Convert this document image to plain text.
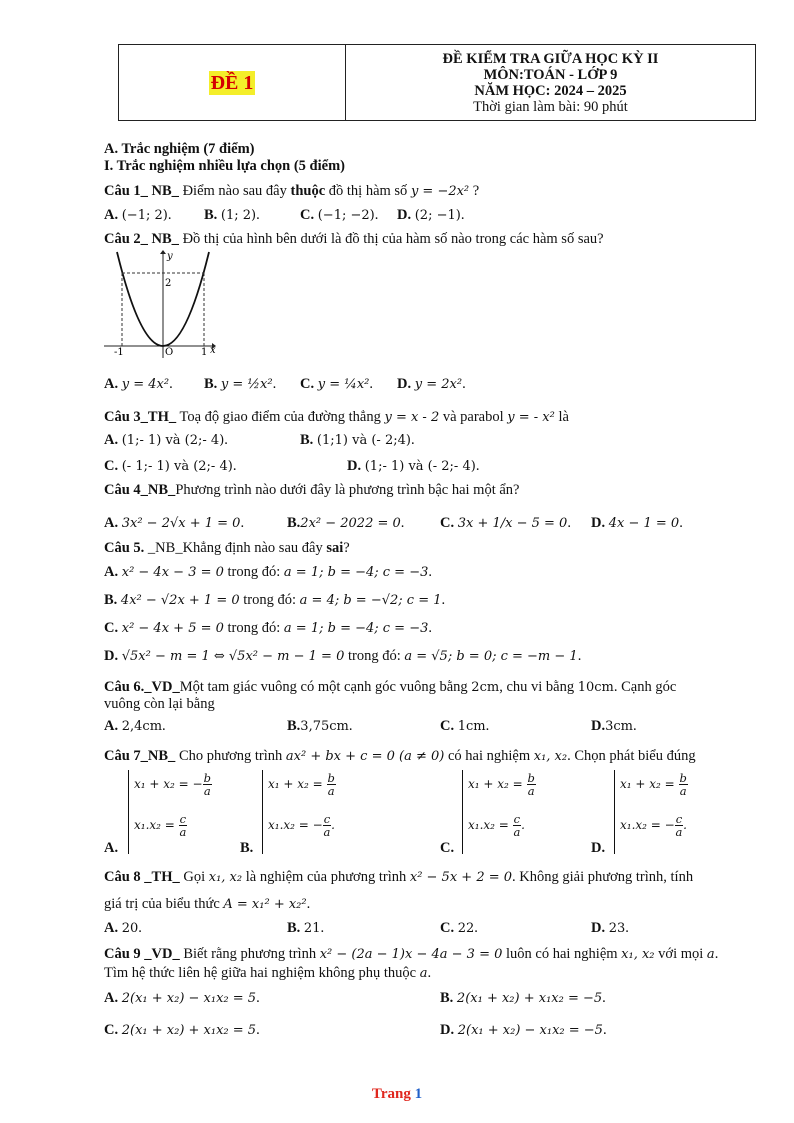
ĐỀ 1	
ĐỀ KIỂM TRA GIỮA HỌC KỲ II
MÔN:TOÁN - LỚP 9
NĂM HỌC: 2024 – 2025
Thời gian làm bài: 90 phút
A. Trắc nghiệm (7 điểm)
I. Trắc nghiệm nhiều lựa chọn (5 điểm)
Câu 1_ NB_ Điểm nào sau đây thuộc đồ thị hàm số y = −2x² ?
A. (−1; 2). B. (1; 2).	C. (−1; −2). D. (2; −1).
Câu 2_ NB_ Đồ thị của hình bên dưới là đồ thị của hàm số nào trong các hàm số sau?
y
2
-1	O	1 x
A. y = 4x². B. y = ½x². C. y = ¼x². D. y = 2x².
Câu 3_TH_ Toạ độ giao điểm của đường thẳng y = x - 2 và parabol y = - x² là
A. (1;- 1) và (2;- 4).	B. (1;1) và (- 2;4).
C. (- 1;- 1) và (2;- 4).	D. (1;- 1) và (- 2;- 4).
Câu 4_NB_Phương trình nào dưới đây là phương trình bậc hai một ẩn?
A. 3x² − 2√x + 1 = 0.	B.2x² − 2022 = 0. C. 3x + 1/x − 5 = 0. D. 4x − 1 = 0.
Câu 5. _NB_Khẳng định nào sau đây sai?
A. x² − 4x − 3 = 0 trong đó: a = 1; b = −4; c = −3.
B. 4x² − √2x + 1 = 0 trong đó: a = 4; b = −√2; c = 1.
C. x² − 4x + 5 = 0 trong đó: a = 1; b = −4; c = −3.
D. √5x² − m = 1 ⇔ √5x² − m − 1 = 0 trong đó: a = √5; b = 0; c = −m − 1.
Câu 6._VD_Một tam giác vuông có một cạnh góc vuông bằng 2cm, chu vi bằng 10cm. Cạnh góc
vuông còn lại bằng
A. 2,4cm.	B.3,75cm.	C. 1cm.	D.3cm.
Câu 7_NB_ Cho phương trình ax² + bx + c = 0 (a ≠ 0) có hai nghiệm x₁, x₂. Chọn phát biểu đúng
A.
x₁ + x₂ = − $\frac{b}{a}$
$x_1.x_2 = \frac{c}{a}$
B.
$x_1 + x_2 = \frac{b}{a}$
x₁.x₂ = − $\frac{c}{a}$ .
C.
$x_1 + x_2 = \frac{b}{a}$
$x_1.x_2 = \frac{c}{a}$ .
D.
$x_1 + x_2 = \frac{b}{a}$
x₁.x₂ = − $\frac{c}{a}$ .
Câu 8 _TH_ Gọi x₁, x₂ là nghiệm của phương trình x² − 5x + 2 = 0. Không giải phương trình, tính
giá trị của biểu thức A = x₁² + x₂².
A. 20.	B. 21.	C. 22.	D. 23.
Câu 9 _VD_ Biết rằng phương trình x² − (2a − 1)x − 4a − 3 = 0 luôn có hai nghiệm x₁, x₂ với mọi a.
Tìm hệ thức liên hệ giữa hai nghiệm không phụ thuộc a.
A. 2(x₁ + x₂) − x₁x₂ = 5.	B. 2(x₁ + x₂) + x₁x₂ = −5.
C. 2(x₁ + x₂) + x₁x₂ = 5.	D. 2(x₁ + x₂) − x₁x₂ = −5.
Trang 1
